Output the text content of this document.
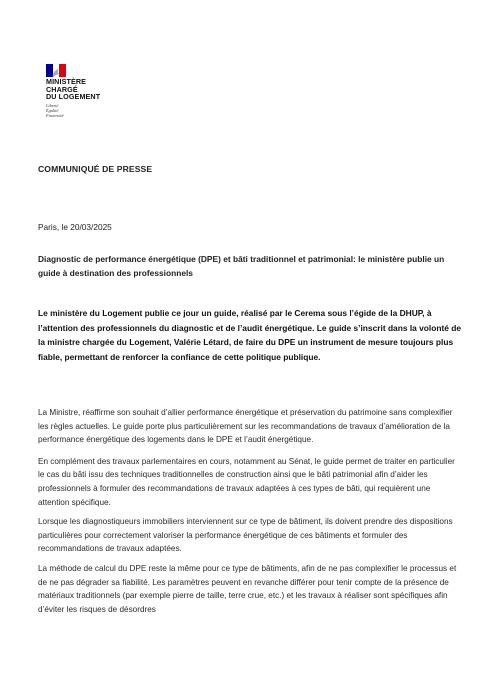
MINISTÈRE
CHARGÉ
DU LOGEMENT
Liberté
Égalité
Fraternité
COMMUNIQUÉ DE PRESSE
Paris, le 20/03/2025
Diagnostic de performance énergétique (DPE) et bâti traditionnel et patrimonial: le ministère publie un guide à destination des professionnels
Le ministère du Logement publie ce jour un guide, réalisé par le Cerema sous l’égide de la DHUP, à l’attention des professionnels du diagnostic et de l’audit énergétique. Le guide s’inscrit dans la volonté de la ministre chargée du Logement, Valérie Létard, de faire du DPE un instrument de mesure toujours plus fiable, permettant de renforcer la confiance de cette politique publique.

La Ministre, réaffirme son souhait d’allier performance énergétique et préservation du patrimoine sans complexifier les règles actuelles. Le guide porte plus particulièrement sur les recommandations de travaux d’amélioration de la performance énergétique des logements dans le DPE et l’audit énergétique.

En complément des travaux parlementaires en cours, notamment au Sénat, le guide permet de traiter en particulier le cas du bâti issu des techniques traditionnelles de construction ainsi que le bâti patrimonial afin d’aider les professionnels à formuler des recommandations de travaux adaptées à ces types de bâti, qui requièrent une attention spécifique.

Lorsque les diagnostiqueurs immobiliers interviennent sur ce type de bâtiment, ils doivent prendre des dispositions particulières pour correctement valoriser la performance énergétique de ces bâtiments et formuler des recommandations de travaux adaptées.

La méthode de calcul du DPE reste la même pour ce type de bâtiments, afin de ne pas complexifier le processus et de ne pas dégrader sa fiabilité. Les paramètres peuvent en revanche différer pour tenir compte de la présence de matériaux traditionnels (par exemple pierre de taille, terre crue, etc.) et les travaux à réaliser sont spécifiques afin d’éviter les risques de désordres
